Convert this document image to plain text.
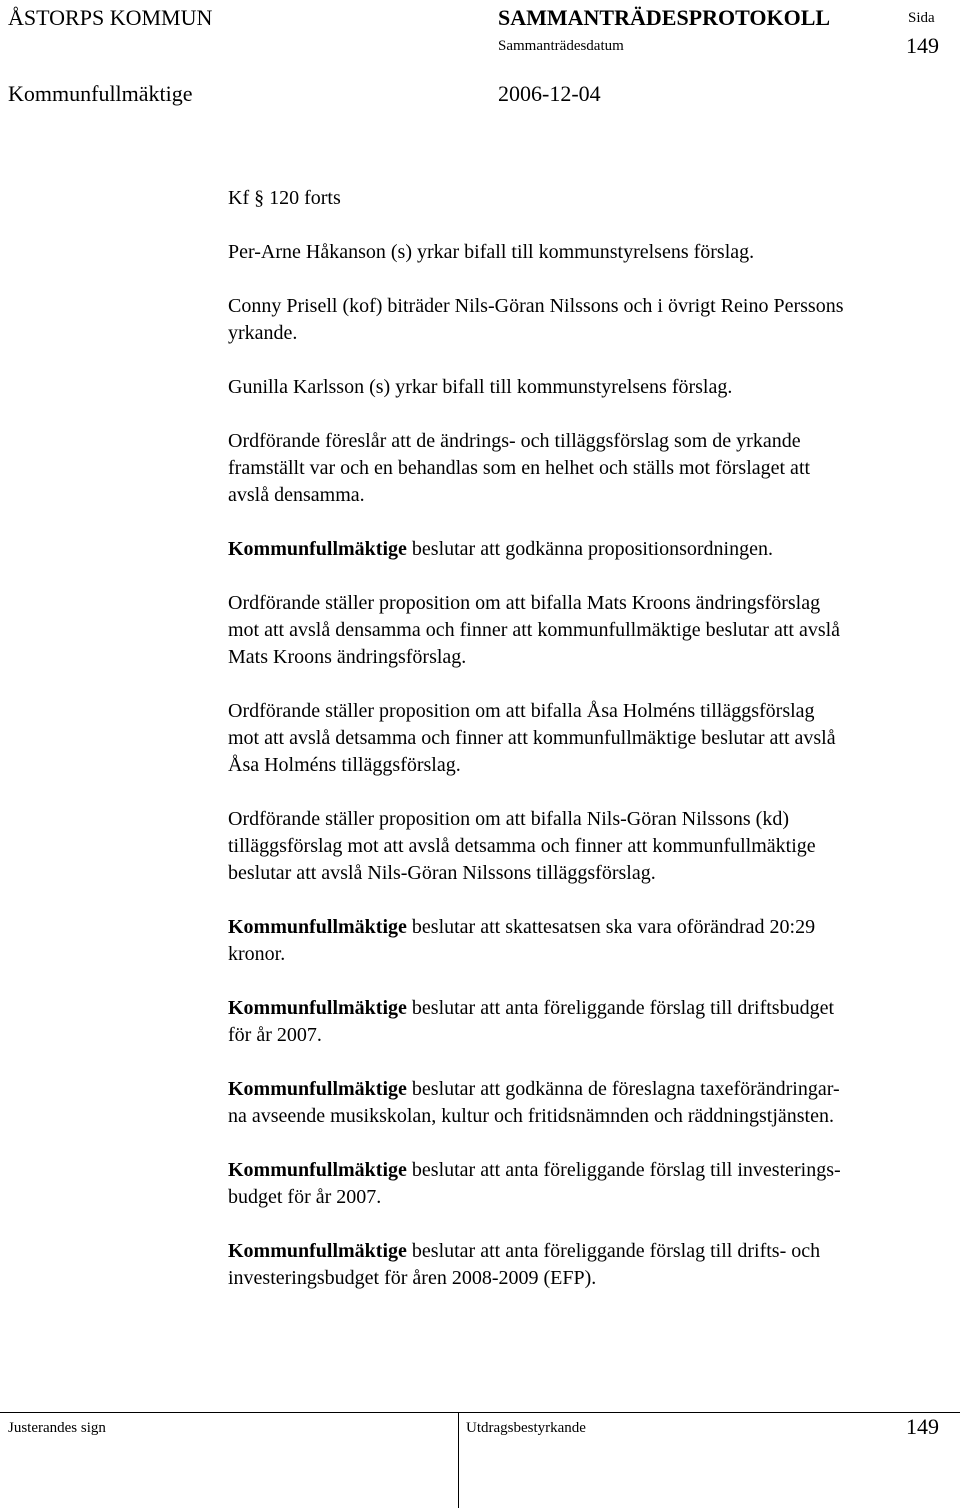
ÅSTORPS KOMMUN	SAMMANTRÄDESPROTOKOLL	Sida
Sammanträdesdatum	149
Kommunfullmäktige	2006-12-04

Kf § 120 forts

Per-Arne Håkanson (s) yrkar bifall till kommunstyrelsens förslag.

Conny Prisell (kof) biträder Nils-Göran Nilssons och i övrigt Reino Perssons
yrkande.

Gunilla Karlsson (s) yrkar bifall till kommunstyrelsens förslag.

Ordförande föreslår att de ändrings- och tilläggsförslag som de yrkande
framställt var och en behandlas som en helhet och ställs mot förslaget att
avslå densamma.

Kommunfullmäktige beslutar att godkänna propositionsordningen.

Ordförande ställer proposition om att bifalla Mats Kroons ändringsförslag
mot att avslå densamma och finner att kommunfullmäktige beslutar att avslå
Mats Kroons ändringsförslag.

Ordförande ställer proposition om att bifalla Åsa Holméns tilläggsförslag
mot att avslå detsamma och finner att kommunfullmäktige beslutar att avslå
Åsa Holméns tilläggsförslag.

Ordförande ställer proposition om att bifalla Nils-Göran Nilssons (kd)
tilläggsförslag mot att avslå detsamma och finner att kommunfullmäktige
beslutar att avslå Nils-Göran Nilssons tilläggsförslag.

Kommunfullmäktige beslutar att skattesatsen ska vara oförändrad 20:29
kronor.

Kommunfullmäktige beslutar att anta föreliggande förslag till driftsbudget
för år 2007.

Kommunfullmäktige beslutar att godkänna de föreslagna taxeförändringar-
na avseende musikskolan, kultur och fritidsnämnden och räddningstjänsten.

Kommunfullmäktige beslutar att anta föreliggande förslag till investerings-
budget för år 2007.

Kommunfullmäktige beslutar att anta föreliggande förslag till drifts- och
investeringsbudget för åren 2008-2009 (EFP).

Justerandes sign	Utdragsbestyrkande	149
